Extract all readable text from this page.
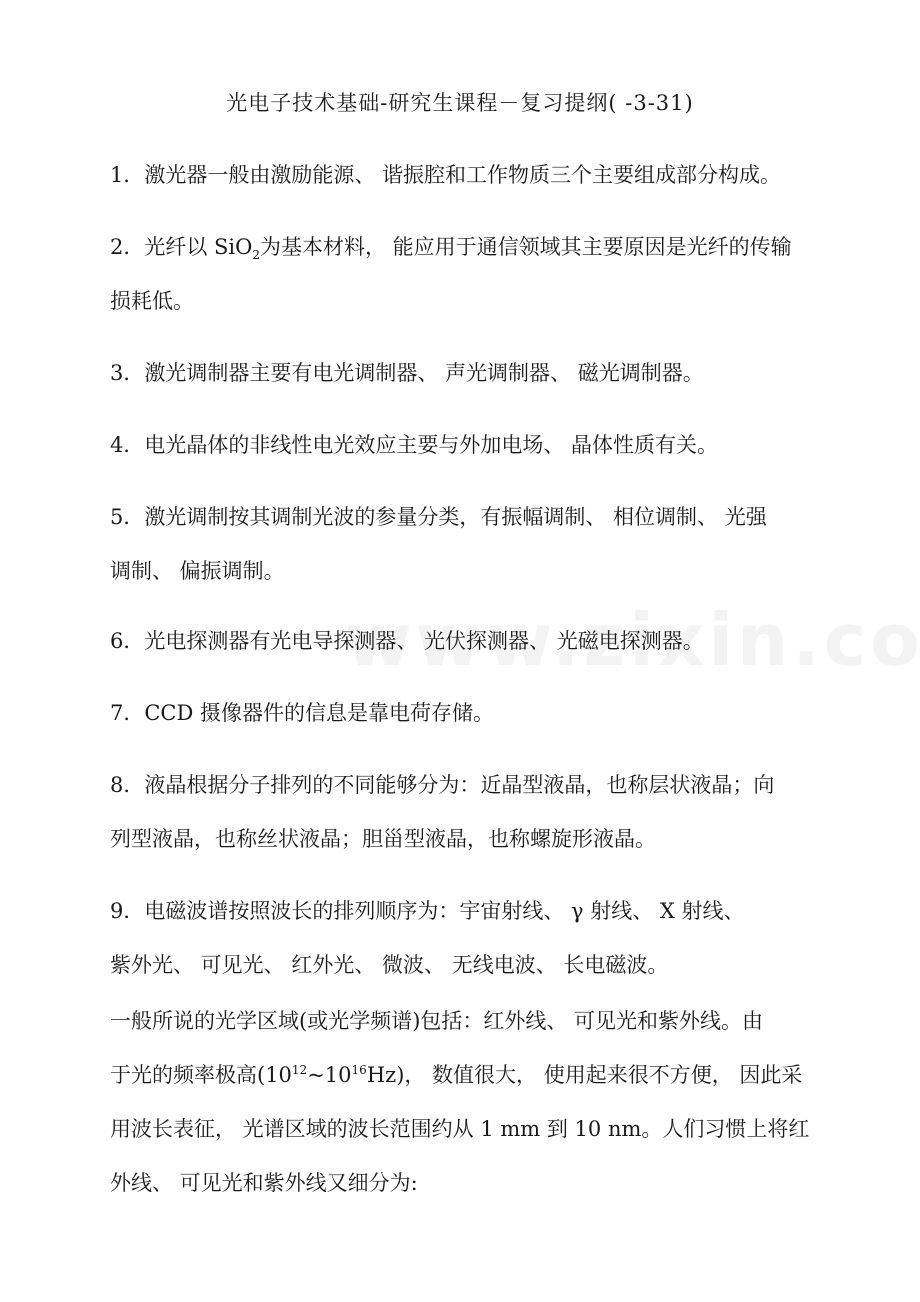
光电子技术基础-研究生课程－复习提纲( -3-31)
1．激光器一般由激励能源、 谐振腔和工作物质三个主要组成部分构成。
2．光纤以 SiO$_2$为基本材料， 能应用于通信领域其主要原因是光纤的传输
损耗低。
3．激光调制器主要有电光调制器、 声光调制器、 磁光调制器。
4．电光晶体的非线性电光效应主要与外加电场、 晶体性质有关。
5．激光调制按其调制光波的参量分类，有振幅调制、 相位调制、 光强
调制、 偏振调制。
6．光电探测器有光电导探测器、 光伏探测器、 光磁电探测器。
7．CCD 摄像器件的信息是靠电荷存储。
8．液晶根据分子排列的不同能够分为：近晶型液晶，也称层状液晶；向
列型液晶，也称丝状液晶；胆甾型液晶，也称螺旋形液晶。
9．电磁波谱按照波长的排列顺序为：宇宙射线、 γ 射线、 X 射线、
紫外光、 可见光、 红外光、 微波、 无线电波、 长电磁波。
一般所说的光学区域(或光学频谱)包括：红外线、 可见光和紫外线。由
于光的频率极高$(10^{12}\sim 10^{16}Hz)$， 数值很大， 使用起来很不方便， 因此采
用波长表征， 光谱区域的波长范围约从 1 mm 到 10 nm。人们习惯上将红
外线、 可见光和紫外线又细分为:
